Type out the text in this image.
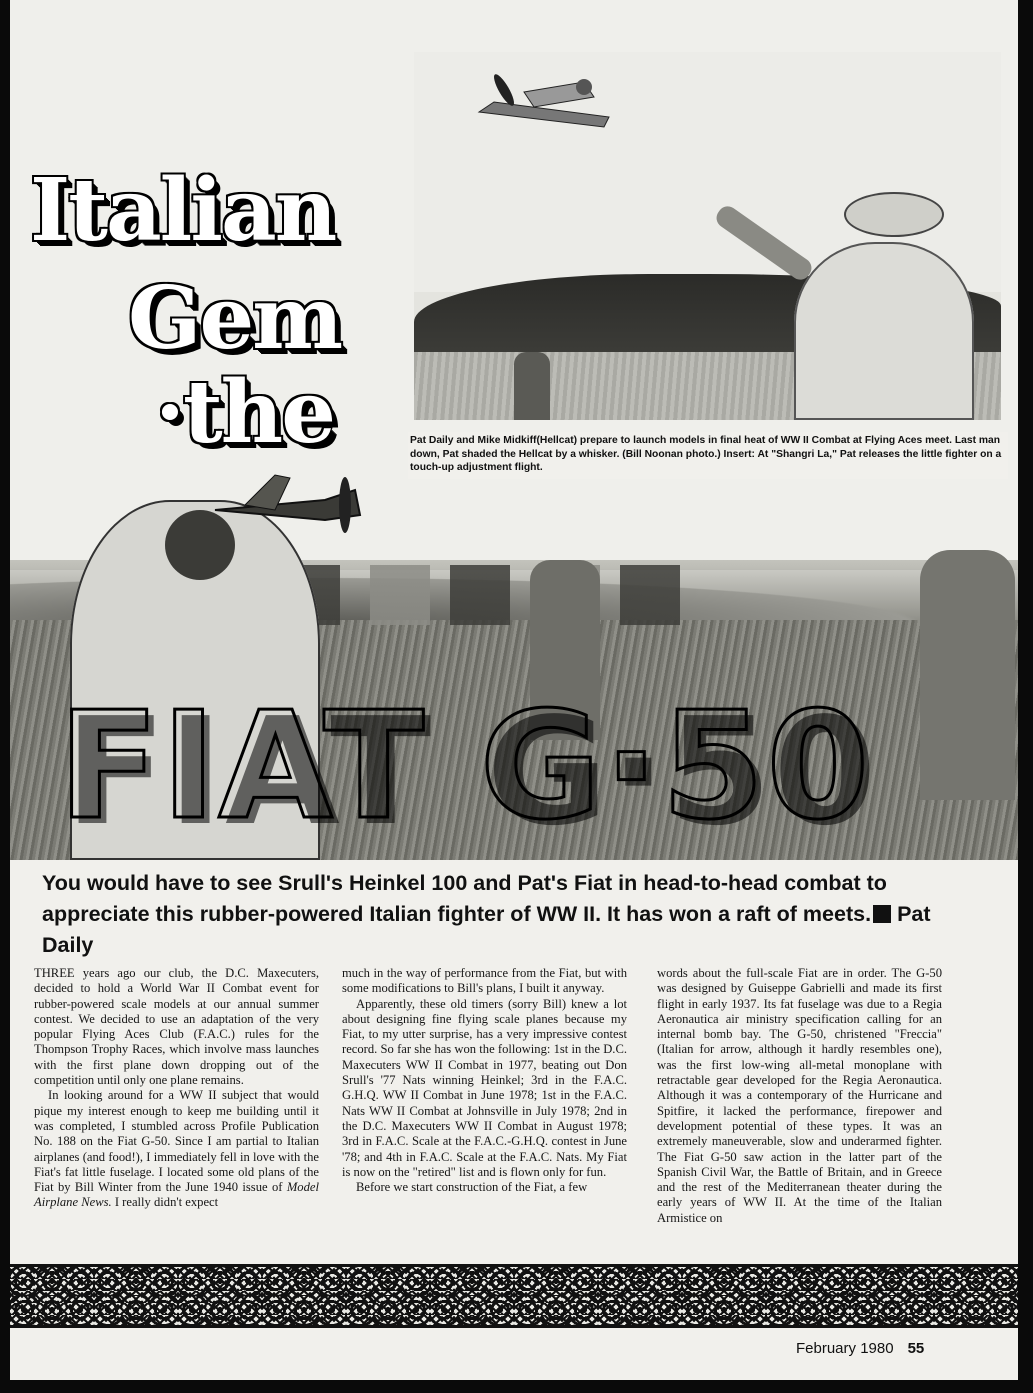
Italian
Gem
·the
FIAT G·50
Pat Daily and Mike Midkiff(Hellcat) prepare to launch models in final heat of WW II Combat at Flying Aces meet. Last man down, Pat shaded the Hellcat by a whisker. (Bill Noonan photo.) Insert: At "Shangri La," Pat releases the little fighter on a touch-up adjustment flight.
You would have to see Srull's Heinkel 100 and Pat's Fiat in head-to-head combat to appreciate this rubber-powered Italian fighter of WW II. It has won a raft of meets. Pat Daily

THREE years ago our club, the D.C. Maxecuters, decided to hold a World War II Combat event for rubber-powered scale models at our annual summer contest. We decided to use an adaptation of the very popular Flying Aces Club (F.A.C.) rules for the Thompson Trophy Races, which involve mass launches with the first plane down dropping out of the competition until only one plane remains.

In looking around for a WW II subject that would pique my interest enough to keep me building until it was completed, I stumbled across Profile Publication No. 188 on the Fiat G-50. Since I am partial to Italian airplanes (and food!), I immediately fell in love with the Fiat's fat little fuselage. I located some old plans of the Fiat by Bill Winter from the June 1940 issue of Model Airplane News. I really didn't expect

much in the way of performance from the Fiat, but with some modifications to Bill's plans, I built it anyway.

Apparently, these old timers (sorry Bill) knew a lot about designing fine flying scale planes because my Fiat, to my utter surprise, has a very impressive contest record. So far she has won the following: 1st in the D.C. Maxecuters WW II Combat in 1977, beating out Don Srull's '77 Nats winning Heinkel; 3rd in the F.A.C. G.H.Q. WW II Combat in June 1978; 1st in the F.A.C. Nats WW II Combat at Johnsville in July 1978; 2nd in the D.C. Maxecuters WW II Combat in August 1978; 3rd in F.A.C. Scale at the F.A.C.-G.H.Q. contest in June '78; and 4th in F.A.C. Scale at the F.A.C. Nats. My Fiat is now on the "retired" list and is flown only for fun.

Before we start construction of the Fiat, a few

words about the full-scale Fiat are in order. The G-50 was designed by Guiseppe Gabrielli and made its first flight in early 1937. Its fat fuselage was due to a Regia Aeronautica air ministry specification calling for an internal bomb bay. The G-50, christened "Freccia" (Italian for arrow, although it hardly resembles one), was the first low-wing all-metal monoplane with retractable gear developed for the Regia Aeronautica. Although it was a contemporary of the Hurricane and Spitfire, it lacked the performance, firepower and development potential of these types. It was an extremely maneuverable, slow and underarmed fighter. The Fiat G-50 saw action in the latter part of the Spanish Civil War, the Battle of Britain, and in Greece and the rest of the Mediterranean theater during the early years of WW II. At the time of the Italian Armistice on

February 1980 55
